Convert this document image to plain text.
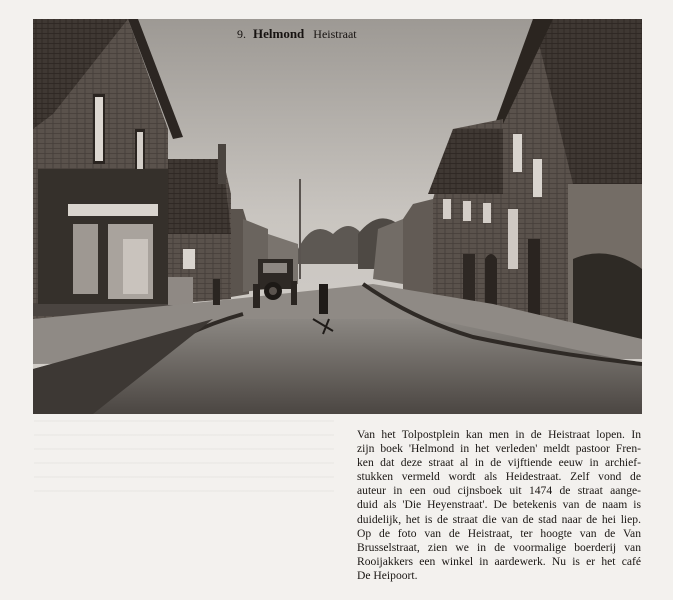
9. Helmond Heistraat
Van het Tolpostplein kan men in de Heistraat lopen. In
zijn boek 'Helmond in het verleden' meldt pastoor Fren-
ken dat deze straat al in de vijftiende eeuw in archief-
stukken vermeld wordt als Heidestraat. Zelf vond de
auteur in een oud cijnsboek uit 1474 de straat aange-
duid als 'Die Heyenstraat'. De betekenis van de naam is
duidelijk, het is de straat die van de stad naar de hei liep.
Op de foto van de Heistraat, ter hoogte van de Van
Brusselstraat, zien we in de voormalige boerderij van
Rooijakkers een winkel in aardewerk. Nu is er het café
De Heipoort.
